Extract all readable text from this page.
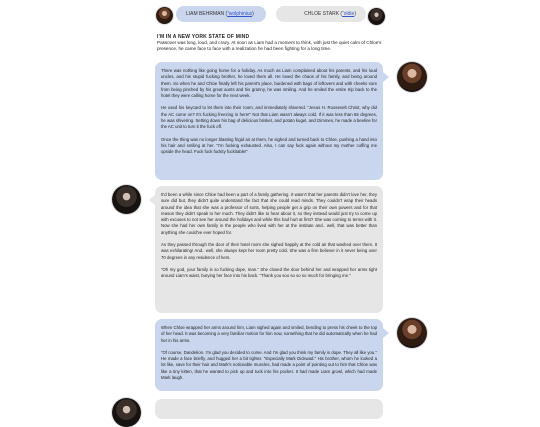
LIAM BEHRMAN (“wolphinius)	CHLOE STARK (“oldie)
I'M IN A NEW YORK STATE OF MIND
Passover was long, loud, and crazy. At soon as Liam had a moment to think, with just the quiet calm of Chloe's presence, he came face to face with a realization he had been fighting for a long time.

There was nothing like going home for a holiday. As much as Liam complained about his parents, and his loud uncles, and his stupid fucking brother, he loved them all. He loved the chaos of his family, and being around them. So when he and Chloe finally left his parent's place, burdened with bags of leftovers and with cheeks sore from being pinched by his great aunts and his granny, he was smiling. And he smiled the entire trip back to the hotel they were calling home for the next week.

He used his keycard to let them into their room, and immediately shivered. "Jesus H. Roosevelt Christ, why did the AC come on? It's fucking freezing in here!" Not that Liam wasn't always cold. If it was less than 65 degrees, he was shivering. Setting down his bag of delicious brisket, and potato kugel, and tzimmes, he made a beeline for the AC unit to turn it the fuck off.

Once the thing was no longer blasting frigid air at them, he sighed and turned back to Chloe, pushing a hand into his hair and smiling at her. "I'm fucking exhausted. Also, I can say fuck again without my mother cuffing me upside the head. Fuck fuck fuckity fuckitable!"

It'd been a while since Chloe had been a part of a family gathering. It wasn't that her parents didn't love her, they sure did but, they didn't quite understand the fact that she could read minds. They couldn't wrap their heads around the idea that she was a professor of sorts, helping people get a grip on their own powers and for that reason they didn't speak to her much. They didn't like to hear about it, so they instead would just try to come up with excuses to not see her around the holidays and while this had hurt at first? She was coming to terms with it. Now she had her own family in the people who lived with her at the institute and.. well, that was better than anything she could've ever hoped for.

As they passed through the door of their hotel room she sighed happily at the cold air that washed over them. It was exhilarating! And.. well, she always kept her room pretty cold. She was a firm believer in it never being over 70 degrees in any residence of hers.

"Oh my god, your family is so fucking dope, man." She closed the door behind her and wrapped her arms tight around Liam's waist, burying her face into his back. "Thank you soo so so so much for bringing me."

When Chloe wrapped her arms around him, Liam sighed again and smiled, bending to press his cheek to the top of her head. It was becoming a very familiar motion for him now, something that he did automatically when he had her in his arms.

"Of course, Dandelion. I'm glad you decided to come. And I'm glad you think my family is dope. They all like you." He made a face briefly, and hugged her a bit tighter. "Especially Mark Dickwad." His brother, whom he looked a lot like, save for their hair and Mark's noticeable muscles, had made a point of pointing out to him that Chloe was like a tiny kitten, that he wanted to pick up and tuck into his pocket. It had made Liam growl, which had made Mark laugh.
